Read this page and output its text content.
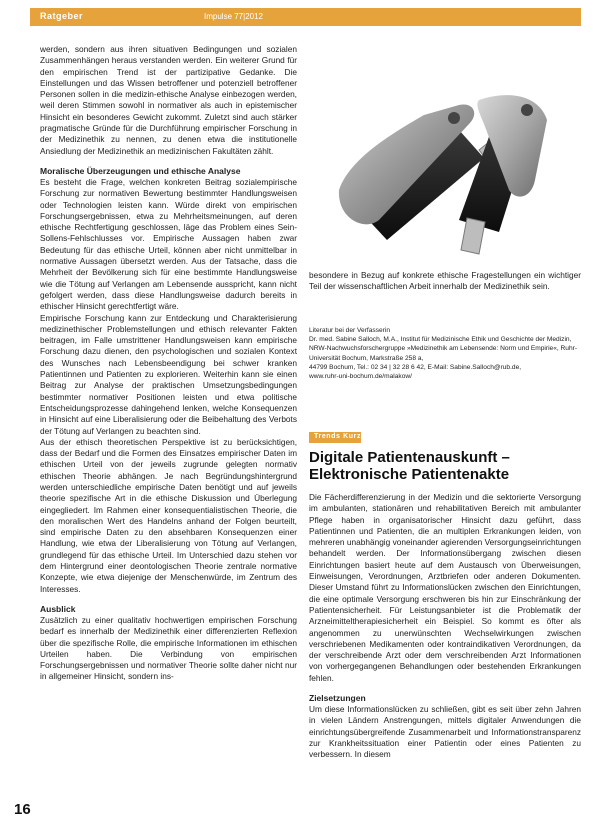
Ratgeber	Impulse 77|2012

werden, sondern aus ihren situativen Bedingungen und sozialen Zusammenhängen heraus verstanden werden. Ein weiterer Grund für den empirischen Trend ist der partizipative Gedanke. Die Einstellungen und das Wissen betroffener und potenziell betroffener Personen sollen in die medizin-ethische Analyse einbezogen werden, weil deren Stimmen sowohl in normativer als auch in epistemischer Hinsicht ein besonderes Gewicht zukommt. Zuletzt sind auch stärker pragmatische Gründe für die Durchführung empirischer Forschung in der Medizinethik zu nennen, zu denen etwa die institutionelle Ansiedlung der Medizinethik an medizinischen Fakultäten zählt.

Moralische Überzeugungen und ethische Analyse

Es besteht die Frage, welchen konkreten Beitrag sozialempirische Forschung zur normativen Bewertung bestimmter Handlungsweisen oder Technologien leisten kann. Würde direkt von empirischen Forschungsergebnissen, etwa zu Mehrheitsmeinungen, auf deren ethische Rechtfertigung geschlossen, läge das Problem eines Sein-Sollens-Fehlschlusses vor. Empirische Aussagen haben zwar Bedeutung für das ethische Urteil, können aber nicht unmittelbar in normative Aussagen übersetzt werden. Aus der Tatsache, dass die Mehrheit der Bevölkerung sich für eine bestimmte Handlungsweise wie die Tötung auf Verlangen am Lebensende ausspricht, kann nicht gefolgert werden, dass diese Handlungsweise dadurch bereits in ethischer Hinsicht gerechtfertigt wäre.

Empirische Forschung kann zur Entdeckung und Charakterisierung medizinethischer Problemstellungen und ethisch relevanter Fakten beitragen, im Falle umstrittener Handlungsweisen kann empirische Forschung dazu dienen, den psychologischen und sozialen Kontext des Wunsches nach Lebensbeendigung bei schwer kranken Patientinnen und Patienten zu explorieren. Weiterhin kann sie einen Beitrag zur Analyse der praktischen Umsetzungsbedingungen bestimmter normativer Positionen leisten und etwa politische Entscheidungsprozesse dahingehend lenken, welche Konsequenzen in Hinsicht auf eine Liberalisierung oder die Beibehaltung des Verbots der Tötung auf Verlangen zu beachten sind.

Aus der ethisch theoretischen Perspektive ist zu berücksichtigen, dass der Bedarf und die Formen des Einsatzes empirischer Daten im ethischen Urteil von der jeweils zugrunde gelegten normativ ethischen Theorie abhängen. Je nach Begründungshintergrund werden unterschiedliche empirische Daten benötigt und auf jeweils theorie spezifische Art in die ethische Diskussion und Überlegung eingegliedert. Im Rahmen einer konsequentialistischen Theorie, die den moralischen Wert des Handelns anhand der Folgen beurteilt, sind empirische Daten zu den absehbaren Konsequenzen einer Handlung, wie etwa der Liberalisierung von Tötung auf Verlangen, grundlegend für das ethische Urteil. Im Unterschied dazu stehen vor dem Hintergrund einer deontologischen Theorie zentrale normative Konzepte, wie etwa diejenige der Menschenwürde, im Zentrum des Interesses.

Ausblick

Zusätzlich zu einer qualitativ hochwertigen empirischen Forschung bedarf es innerhalb der Medizinethik einer differenzierten Reflexion über die spezifische Rolle, die empirische Informationen im ethischen Urteilen haben. Die Verbindung von empirischen Forschungsergebnissen und normativer Theorie sollte daher nicht nur in allgemeiner Hinsicht, sondern ins-

besondere in Bezug auf konkrete ethische Fragestellungen ein wichtiger Teil der wissenschaftlichen Arbeit innerhalb der Medizinethik sein.

Literatur bei der Verfasserin

Dr. med. Sabine Salloch, M.A., Institut für Medizinische Ethik und Geschichte der Medizin, NRW-Nachwuchsforschergruppe »Medizinethik am Lebensende: Norm und Empirie«, Ruhr-Universität Bochum, Markstraße 258 a,

44799 Bochum, Tel.: 02 34 | 32 28 6 42, E-Mail: Sabine.Salloch@rub.de,

www.ruhr-uni-bochum.de/malakow/

Trends Kurz
Digitale Patientenauskunft – Elektronische Patientenakte

Die Fächerdifferenzierung in der Medizin und die sektorierte Versorgung im ambulanten, stationären und rehabilitativen Bereich mit ambulanter Pflege haben in organisatorischer Hinsicht dazu geführt, dass Patientinnen und Patienten, die an multiplen Erkrankungen leiden, von mehreren unabhängig voneinander agierenden Versorgungseinrichtungen behandelt werden. Der Informationsübergang zwischen diesen Einrichtungen basiert heute auf dem Austausch von Überweisungen, Einweisungen, Verordnungen, Arztbriefen oder anderen Dokumenten. Dieser Umstand führt zu Informationslücken zwischen den Einrichtungen, die eine optimale Versorgung erschweren bis hin zur Einschränkung der Patientensicherheit. Für Leistungsanbieter ist die Problematik der Arzneimitteltherapiesicherheit ein Beispiel. So kommt es öfter als angenommen zu unerwünschten Wechselwirkungen zwischen verschriebenen Medikamenten oder kontraindikativen Verordnungen, da der verschreibende Arzt oder dem verschreibenden Arzt Informationen von vorhergegangenen Behandlungen oder bestehenden Erkrankungen fehlen.

Zielsetzungen

Um diese Informationslücken zu schließen, gibt es seit über zehn Jahren in vielen Ländern Anstrengungen, mittels digitaler Anwendungen die einrichtungsübergreifende Zusammenarbeit und Informationstransparenz zur Krankheitssituation einer Patientin oder eines Patienten zu verbessern. In diesem

16
